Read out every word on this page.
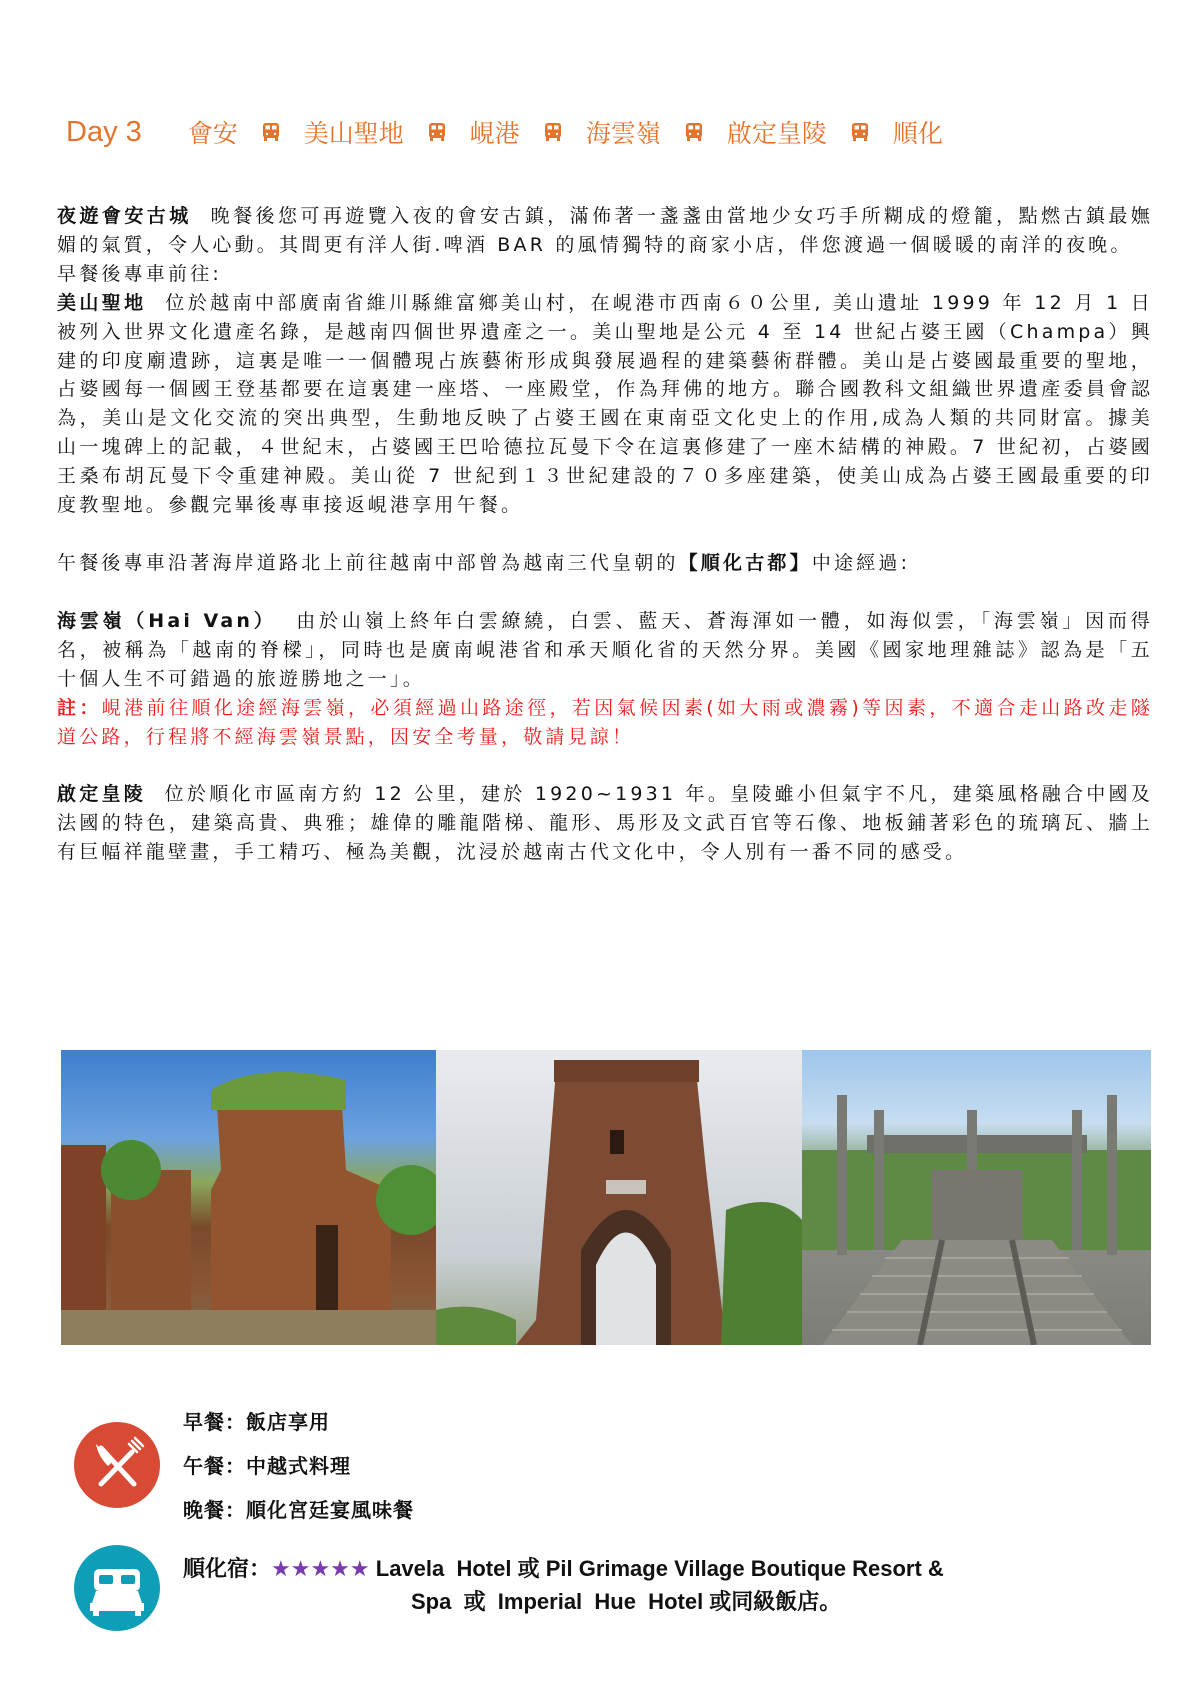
Day 3 會安	美山聖地	峴港	海雲嶺	啟定皇陵	順化

夜遊會安古城 晚餐後您可再遊覽入夜的會安古鎮，滿佈著一盞盞由當地少女巧手所糊成的燈籠，點燃古鎮最嫵媚的氣質，令人心動。其間更有洋人街.啤酒 BAR 的風情獨特的商家小店，伴您渡過一個暖暖的南洋的夜晚。

早餐後專車前往:

美山聖地 位於越南中部廣南省維川縣維富鄉美山村，在峴港市西南６０公里, 美山遺址 1999 年 12 月 1 日被列入世界文化遺產名錄，是越南四個世界遺產之一。美山聖地是公元 4 至 14 世紀占婆王國（Champa）興建的印度廟遺跡，這裏是唯一一個體現占族藝術形成與發展過程的建築藝術群體。美山是占婆國最重要的聖地，占婆國每一個國王登基都要在這裏建一座塔、一座殿堂，作為拜佛的地方。聯合國教科文組織世界遺產委員會認為，美山是文化交流的突出典型，生動地反映了占婆王國在東南亞文化史上的作用,成為人類的共同財富。據美山一塊碑上的記載，４世紀末，占婆國王巴哈德拉瓦曼下令在這裏修建了一座木結構的神殿。7 世紀初，占婆國王桑布胡瓦曼下令重建神殿。美山從 7 世紀到１３世紀建設的７０多座建築，使美山成為占婆王國最重要的印度教聖地。參觀完畢後專車接返峴港享用午餐。

午餐後專車沿著海岸道路北上前往越南中部曾為越南三代皇朝的【順化古都】中途經過:

海雲嶺（Hai Van） 由於山嶺上終年白雲繚繞，白雲、藍天、蒼海渾如一體，如海似雲，「海雲嶺」因而得名，被稱為「越南的脊樑」，同時也是廣南峴港省和承天順化省的天然分界。美國《國家地理雜誌》認為是「五十個人生不可錯過的旅遊勝地之一」。

註：峴港前往順化途經海雲嶺，必須經過山路途徑，若因氣候因素(如大雨或濃霧)等因素，不適合走山路改走隧道公路，行程將不經海雲嶺景點，因安全考量，敬請見諒！

啟定皇陵 位於順化市區南方約 12 公里，建於 1920~1931 年。皇陵雖小但氣宇不凡，建築風格融合中國及法國的特色，建築高貴、典雅；雄偉的雕龍階梯、龍形、馬形及文武百官等石像、地板鋪著彩色的琉璃瓦、牆上有巨幅祥龍壁畫，手工精巧、極為美觀，沈浸於越南古代文化中，令人別有一番不同的感受。

早餐：飯店享用
午餐：中越式料理
晚餐：順化宮廷宴風味餐
順化宿：★★★★★ Lavela  Hotel 或 Pil Grimage Village Boutique Resort &
Spa  或  Imperial  Hue  Hotel 或同級飯店。
